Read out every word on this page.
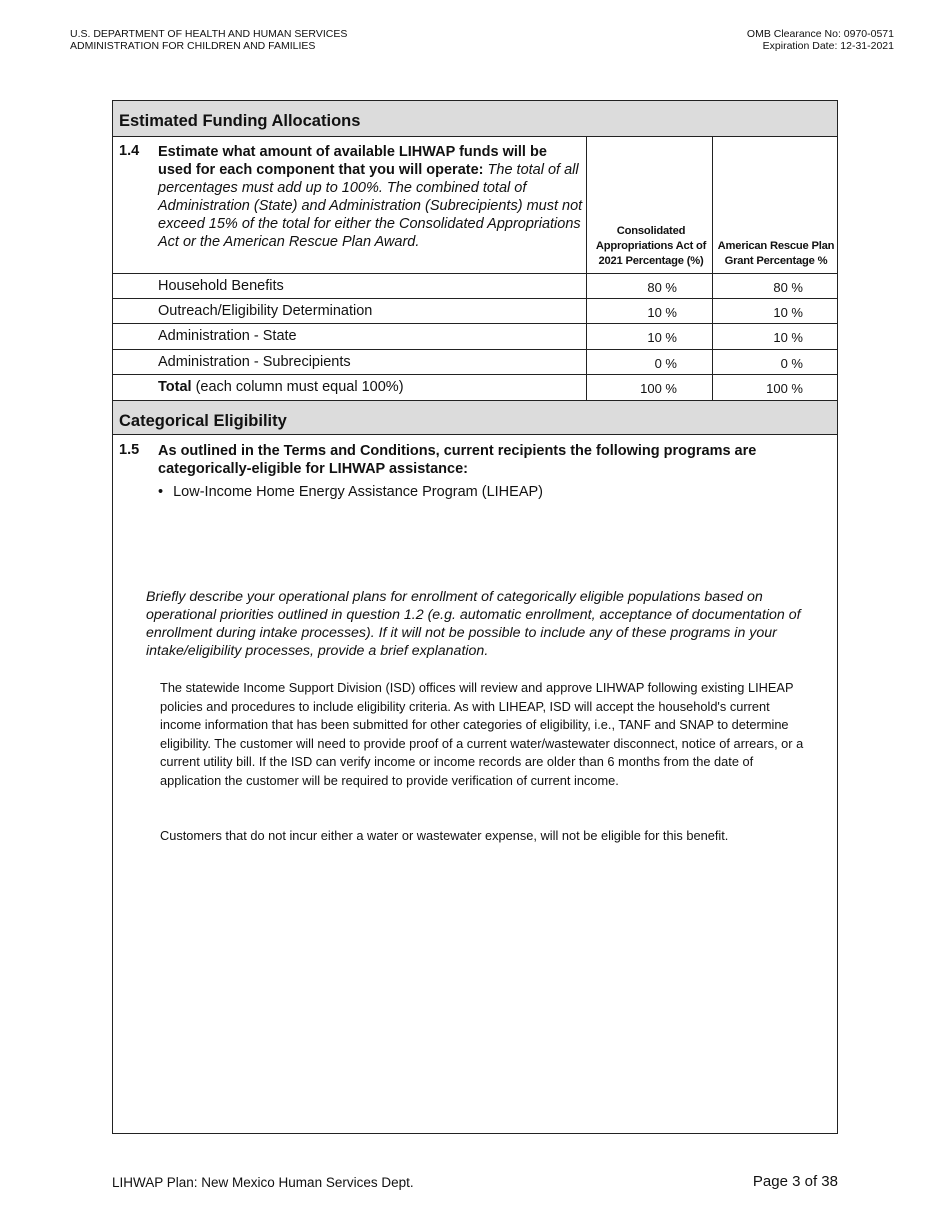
U.S. DEPARTMENT OF HEALTH AND HUMAN SERVICES
ADMINISTRATION FOR CHILDREN AND FAMILIES
OMB Clearance No: 0970-0571
Expiration Date: 12-31-2021
Estimated Funding Allocations
1.4 Estimate what amount of available LIHWAP funds will be used for each component that you will operate: The total of all percentages must add up to 100%. The combined total of Administration (State) and Administration (Subrecipients) must not exceed 15% of the total for either the Consolidated Appropriations Act or the American Rescue Plan Award.
Consolidated Appropriations Act of 2021 Percentage (%)
American Rescue Plan Grant Percentage %
Household Benefits	80 %	80 %
Outreach/Eligibility Determination	10 %	10 %
Administration - State	10 %	10 %
Administration - Subrecipients	0 %	0 %
Total (each column must equal 100%)	100 %	100 %
Categorical Eligibility
1.5 As outlined in the Terms and Conditions, current recipients the following programs are categorically-eligible for LIHWAP assistance:
• Low-Income Home Energy Assistance Program (LIHEAP)
Briefly describe your operational plans for enrollment of categorically eligible populations based on operational priorities outlined in question 1.2 (e.g. automatic enrollment, acceptance of documentation of enrollment during intake processes). If it will not be possible to include any of these programs in your intake/eligibility processes, provide a brief explanation.
The statewide Income Support Division (ISD) offices will review and approve LIHWAP following existing LIHEAP policies and procedures to include eligibility criteria. As with LIHEAP, ISD will accept the household's current income information that has been submitted for other categories of eligibility, i.e., TANF and SNAP to determine eligibility. The customer will need to provide proof of a current water/wastewater disconnect, notice of arrears, or a current utility bill. If the ISD can verify income or income records are older than 6 months from the date of application the customer will be required to provide verification of current income.
Customers that do not incur either a water or wastewater expense, will not be eligible for this benefit.
LIHWAP Plan: New Mexico Human Services Dept.	Page 3 of 38
